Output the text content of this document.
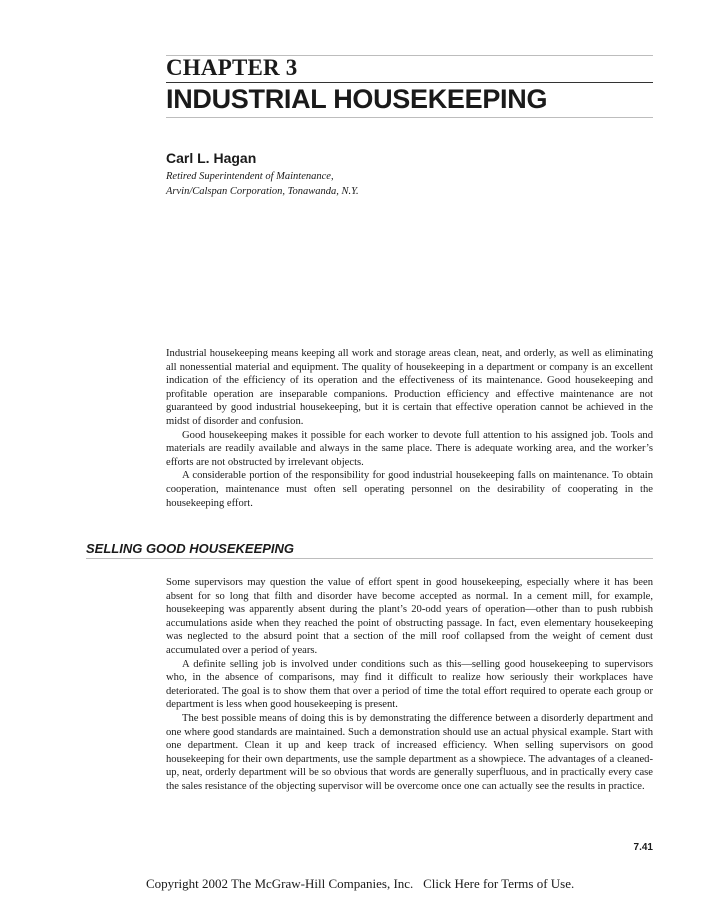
CHAPTER 3
INDUSTRIAL HOUSEKEEPING
Carl L. Hagan
Retired Superintendent of Maintenance,
Arvin/Calspan Corporation, Tonawanda, N.Y.

Industrial housekeeping means keeping all work and storage areas clean, neat, and orderly, as well as eliminating all nonessential material and equipment. The quality of housekeeping in a department or company is an excellent indication of the efficiency of its operation and the effectiveness of its maintenance. Good housekeeping and profitable operation are inseparable companions. Production efficiency and effective maintenance are not guaranteed by good industrial housekeeping, but it is certain that effective operation cannot be achieved in the midst of disorder and confusion.

Good housekeeping makes it possible for each worker to devote full attention to his assigned job. Tools and materials are readily available and always in the same place. There is adequate working area, and the worker’s efforts are not obstructed by irrelevant objects.

A considerable portion of the responsibility for good industrial housekeeping falls on maintenance. To obtain cooperation, maintenance must often sell operating personnel on the desirability of cooperating in the housekeeping effort.

SELLING GOOD HOUSEKEEPING

Some supervisors may question the value of effort spent in good housekeeping, especially where it has been absent for so long that filth and disorder have become accepted as normal. In a cement mill, for example, housekeeping was apparently absent during the plant’s 20-odd years of operation—other than to push rubbish accumulations aside when they reached the point of obstructing passage. In fact, even elementary housekeeping was neglected to the absurd point that a section of the mill roof collapsed from the weight of cement dust accumulated over a period of years.

A definite selling job is involved under conditions such as this—selling good housekeeping to supervisors who, in the absence of comparisons, may find it difficult to realize how seriously their workplaces have deteriorated. The goal is to show them that over a period of time the total effort required to operate each group or department is less when good housekeeping is present.

The best possible means of doing this is by demonstrating the difference between a disorderly department and one where good standards are maintained. Such a demonstration should use an actual physical example. Start with one department. Clean it up and keep track of increased efficiency. When selling supervisors on good housekeeping for their own departments, use the sample department as a showpiece. The advantages of a cleaned-up, neat, orderly department will be so obvious that words are generally superfluous, and in practically every case the sales resistance of the objecting supervisor will be overcome once one can actually see the results in practice.

7.41
Copyright 2002 The McGraw-Hill Companies, Inc. Click Here for Terms of Use.
